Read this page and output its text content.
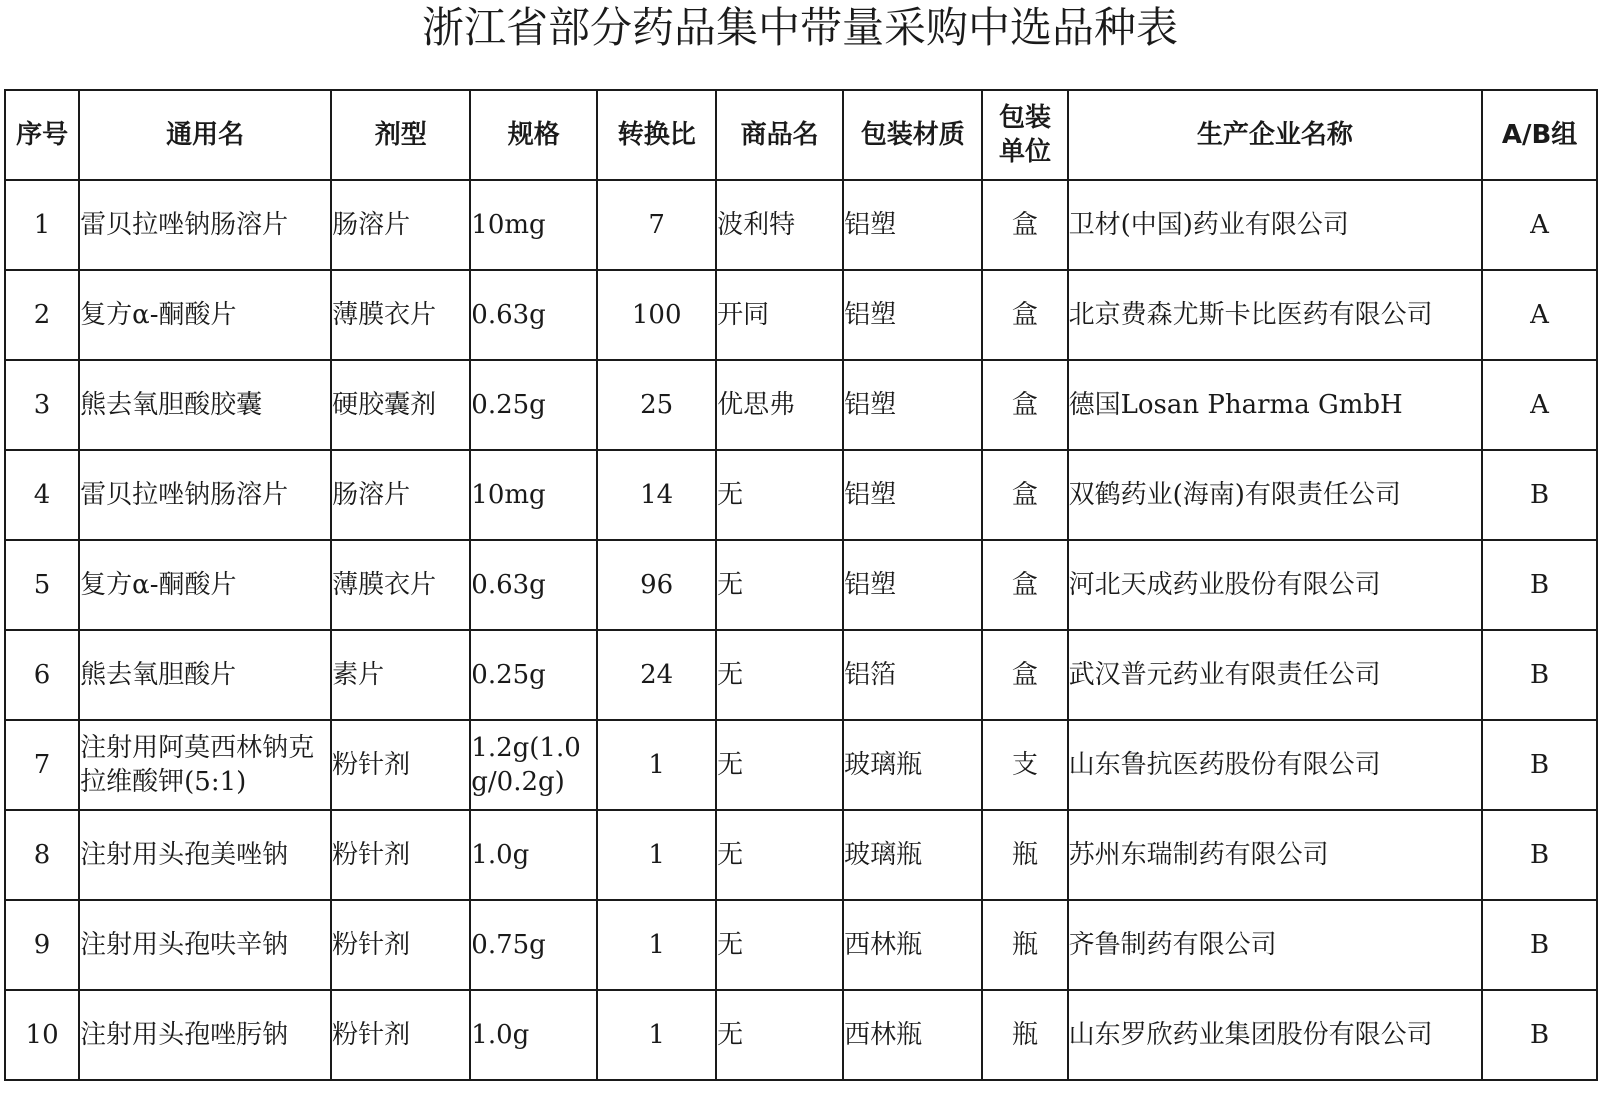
浙江省部分药品集中带量采购中选品种表
序号	通用名	剂型	规格	转换比	商品名	包装材质	包装单位	生产企业名称	A/B组
1	雷贝拉唑钠肠溶片	肠溶片	10mg	7	波利特	铝塑	盒	卫材(中国)药业有限公司	A
2	复方α-酮酸片	薄膜衣片	0.63g	100	开同	铝塑	盒	北京费森尤斯卡比医药有限公司	A
3	熊去氧胆酸胶囊	硬胶囊剂	0.25g	25	优思弗	铝塑	盒	德国Losan Pharma GmbH	A
4	雷贝拉唑钠肠溶片	肠溶片	10mg	14	无	铝塑	盒	双鹤药业(海南)有限责任公司	B
5	复方α-酮酸片	薄膜衣片	0.63g	96	无	铝塑	盒	河北天成药业股份有限公司	B
6	熊去氧胆酸片	素片	0.25g	24	无	铝箔	盒	武汉普元药业有限责任公司	B
7	注射用阿莫西林钠克拉维酸钾(5:1)	粉针剂	1.2g(1.0g/0.2g)	1	无	玻璃瓶	支	山东鲁抗医药股份有限公司	B
8	注射用头孢美唑钠	粉针剂	1.0g	1	无	玻璃瓶	瓶	苏州东瑞制药有限公司	B
9	注射用头孢呋辛钠	粉针剂	0.75g	1	无	西林瓶	瓶	齐鲁制药有限公司	B
10	注射用头孢唑肟钠	粉针剂	1.0g	1	无	西林瓶	瓶	山东罗欣药业集团股份有限公司	B
